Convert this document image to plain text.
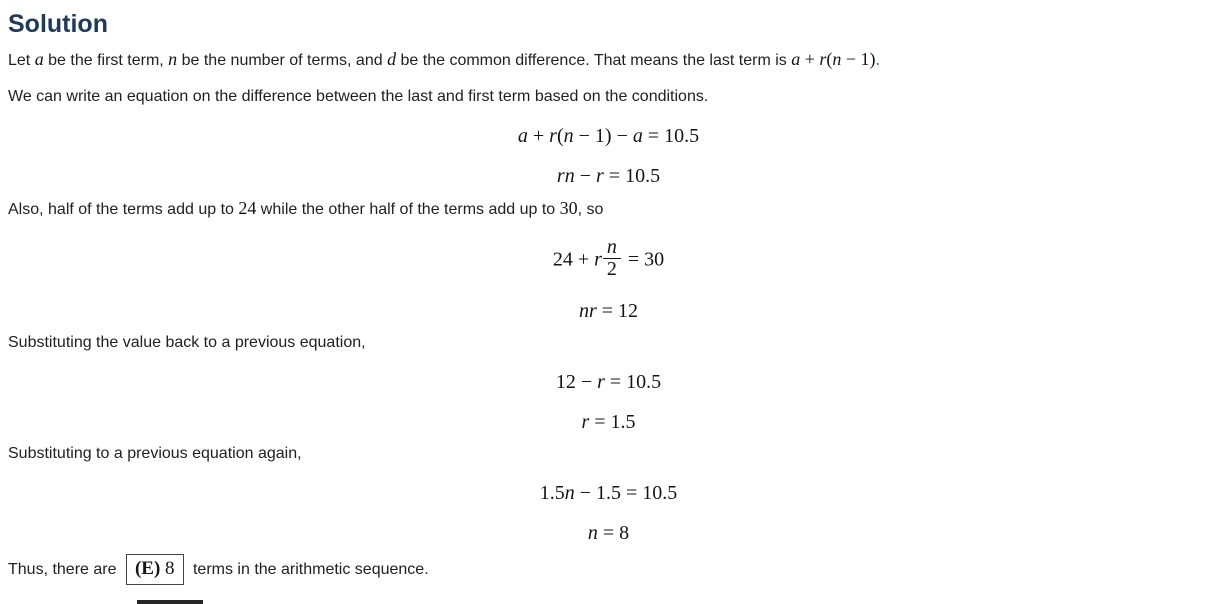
Solution

Let a be the first term, n be the number of terms, and d be the common difference. That means the last term is a + r(n − 1).

We can write an equation on the difference between the last and first term based on the conditions.

a + r(n − 1) − a = 10.5
rn − r = 10.5

Also, half of the terms add up to 24 while the other half of the terms add up to 30, so

24 + r $\frac{n}{2} = 30$
nr = 12

Substituting the value back to a previous equation,

12 − r = 10.5
r = 1.5

Substituting to a previous equation again,

1.5n − 1.5 = 10.5
n = 8

Thus, there are (E) 8 terms in the arithmetic sequence.
